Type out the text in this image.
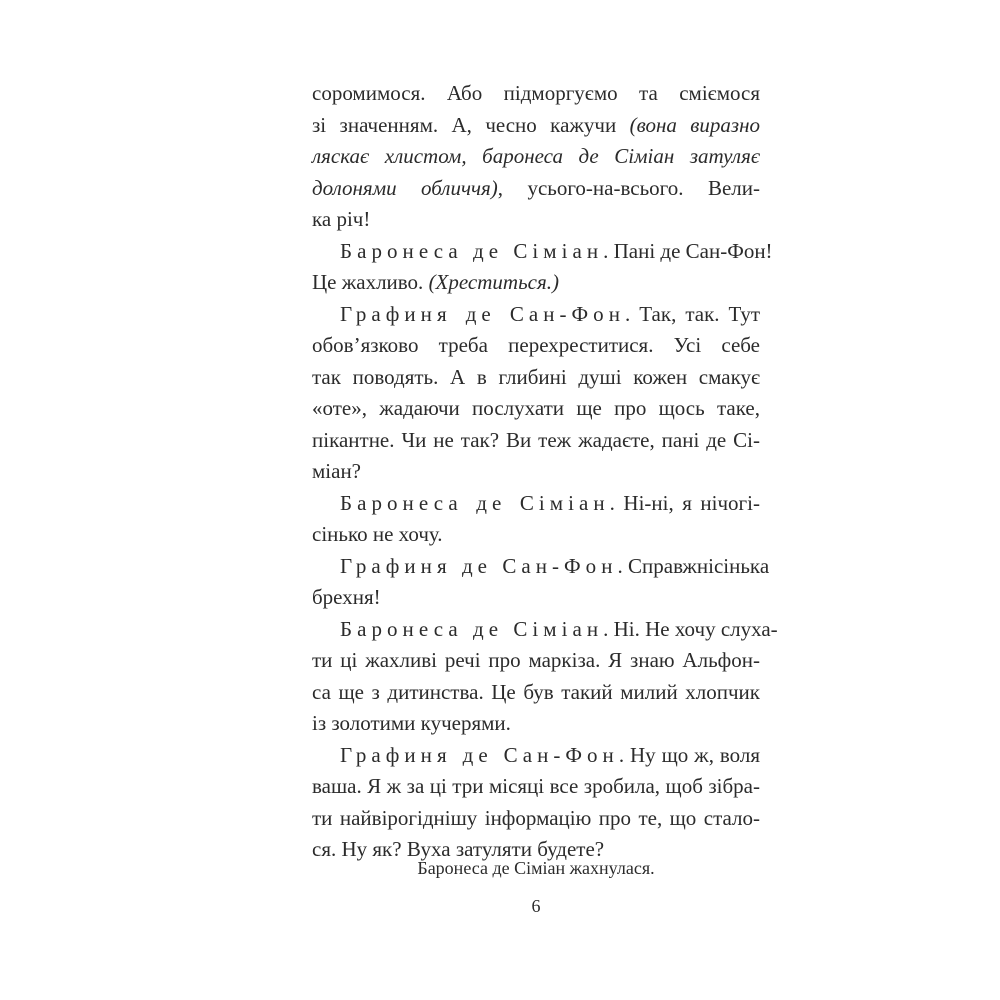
соромимося. Або підморгуємо та сміємося
зі значенням. А, чесно кажучи (вона виразно
ляскає хлистом, баронеса де Сіміан затуляє
долонями обличчя), усього-на-всього. Вели-
ка річ!
Баронеса де Сіміан. Пані де Сан-Фон!
Це жахливо. (Хреститься.)
Графиня де Сан-Фон. Так, так. Тут
обов’язково треба перехреститися. Усі себе
так поводять. А в глибині душі кожен смакує
«оте», жадаючи послухати ще про щось таке,
пікантне. Чи не так? Ви теж жадаєте, пані де Сі-
міан?
Баронеса де Сіміан. Ні-ні, я нічогі-
сінько не хочу.
Графиня де Сан-Фон. Справжнісінька
брехня!
Баронеса де Сіміан. Ні. Не хочу слуха-
ти ці жахливі речі про маркіза. Я знаю Альфон-
са ще з дитинства. Це був такий милий хлопчик
із золотими кучерями.
Графиня де Сан-Фон. Ну що ж, воля
ваша. Я ж за ці три місяці все зробила, щоб зібра-
ти найвірогіднішу інформацію про те, що стало-
ся. Ну як? Вуха затуляти будете?
Баронеса де Сіміан жахнулася.
6
